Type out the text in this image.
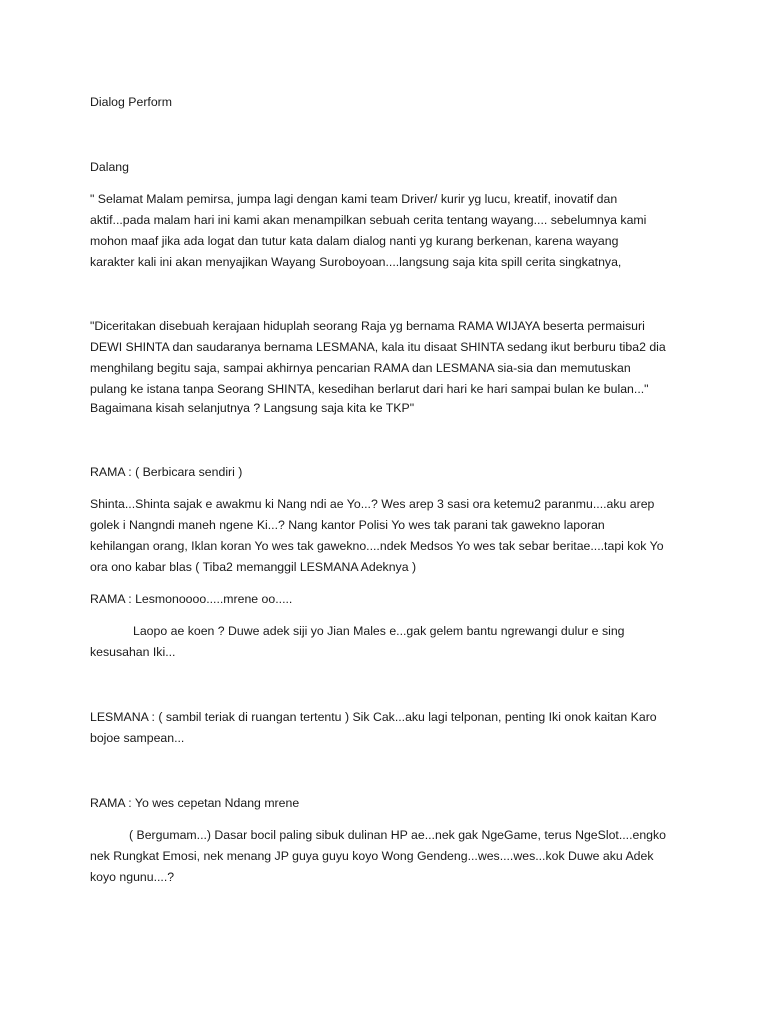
Dialog Perform
Dalang
" Selamat Malam pemirsa, jumpa lagi dengan kami team Driver/ kurir yg lucu, kreatif, inovatif dan
aktif...pada malam hari ini kami akan menampilkan sebuah cerita tentang wayang.... sebelumnya kami
mohon maaf jika ada logat dan tutur kata dalam dialog nanti yg kurang berkenan, karena wayang
karakter kali ini akan menyajikan Wayang Suroboyoan....langsung saja kita spill cerita singkatnya,
"Diceritakan disebuah kerajaan hiduplah seorang Raja yg bernama RAMA WIJAYA beserta permaisuri
DEWI SHINTA dan saudaranya bernama LESMANA, kala itu disaat SHINTA sedang ikut berburu tiba2 dia
menghilang begitu saja, sampai akhirnya pencarian RAMA dan LESMANA sia-sia dan memutuskan
pulang ke istana tanpa Seorang SHINTA, kesedihan berlarut dari hari ke hari sampai bulan ke bulan..."
Bagaimana kisah selanjutnya ? Langsung saja kita ke TKP"
RAMA : ( Berbicara sendiri )
Shinta...Shinta sajak e awakmu ki Nang ndi ae Yo...? Wes arep 3 sasi ora ketemu2 paranmu....aku arep
golek i Nangndi maneh ngene Ki...? Nang kantor Polisi Yo wes tak parani tak gawekno laporan
kehilangan orang, Iklan koran Yo wes tak gawekno....ndek Medsos Yo wes tak sebar beritae....tapi kok Yo
ora ono kabar blas ( Tiba2 memanggil LESMANA Adeknya )
RAMA : Lesmonoooo.....mrene oo.....
Laopo ae koen ? Duwe adek siji yo Jian Males e...gak gelem bantu ngrewangi dulur e sing
kesusahan Iki...
LESMANA : ( sambil teriak di ruangan tertentu ) Sik Cak...aku lagi telponan, penting Iki onok kaitan Karo
bojoe sampean...
RAMA : Yo wes cepetan Ndang mrene
( Bergumam...) Dasar bocil paling sibuk dulinan HP ae...nek gak NgeGame, terus NgeSlot....engko
nek Rungkat Emosi, nek menang JP guya guyu koyo Wong Gendeng...wes....wes...kok Duwe aku Adek
koyo ngunu....?
